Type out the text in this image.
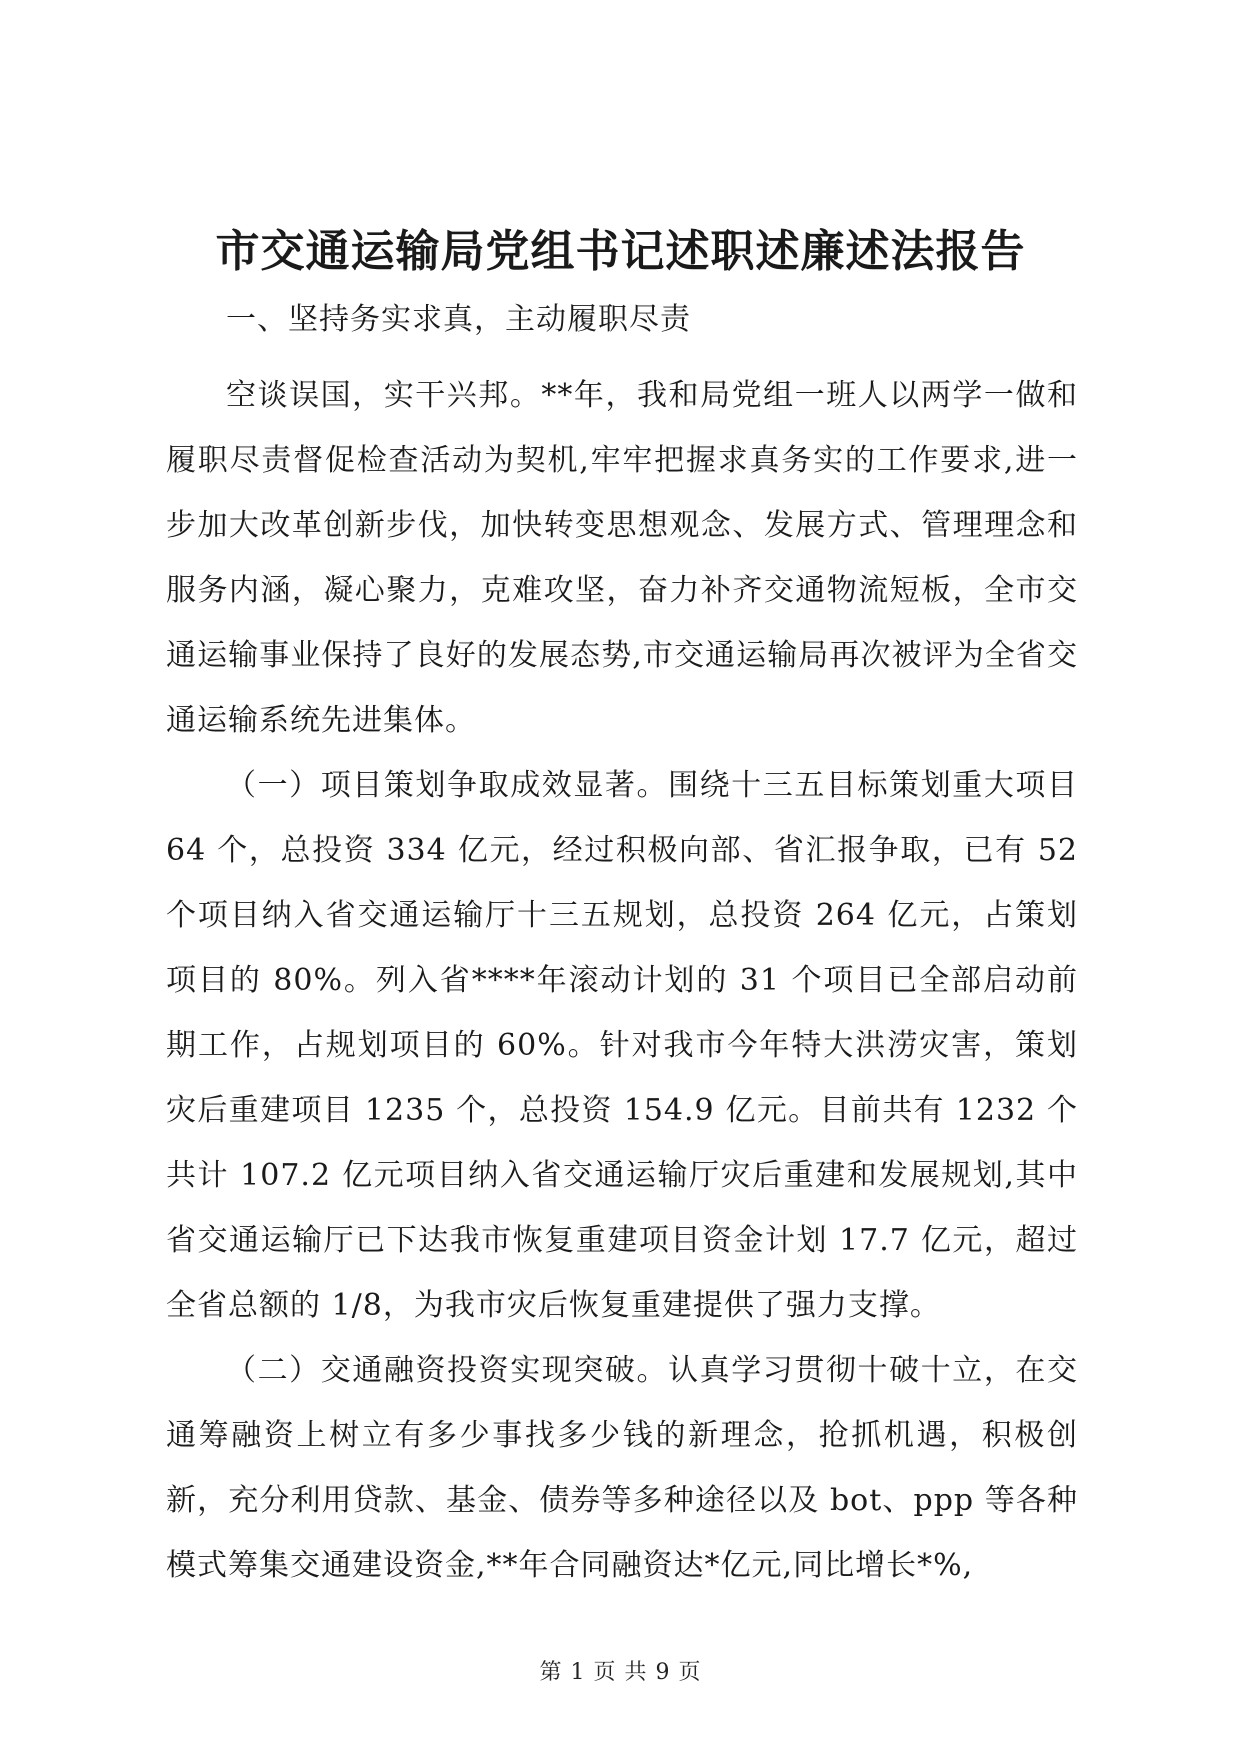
市交通运输局党组书记述职述廉述法报告

一、坚持务实求真，主动履职尽责

空谈误国，实干兴邦。**年，我和局党组一班人以两学一做和履职尽责督促检查活动为契机,牢牢把握求真务实的工作要求,进一步加大改革创新步伐，加快转变思想观念、发展方式、管理理念和服务内涵，凝心聚力，克难攻坚，奋力补齐交通物流短板，全市交通运输事业保持了良好的发展态势,市交通运输局再次被评为全省交通运输系统先进集体。

（一）项目策划争取成效显著。围绕十三五目标策划重大项目 64 个，总投资 334 亿元，经过积极向部、省汇报争取，已有 52 个项目纳入省交通运输厅十三五规划，总投资 264 亿元，占策划项目的 80%。列入省****年滚动计划的 31 个项目已全部启动前期工作，占规划项目的 60%。针对我市今年特大洪涝灾害，策划灾后重建项目 1235 个，总投资 154.9 亿元。目前共有 1232 个共计 107.2 亿元项目纳入省交通运输厅灾后重建和发展规划,其中省交通运输厅已下达我市恢复重建项目资金计划 17.7 亿元，超过全省总额的 1/8，为我市灾后恢复重建提供了强力支撑。

（二）交通融资投资实现突破。认真学习贯彻十破十立，在交通筹融资上树立有多少事找多少钱的新理念，抢抓机遇，积极创新，充分利用贷款、基金、债券等多种途径以及 bot、ppp 等各种模式筹集交通建设资金,**年合同融资达*亿元,同比增长*%,

第 1 页 共 9 页
